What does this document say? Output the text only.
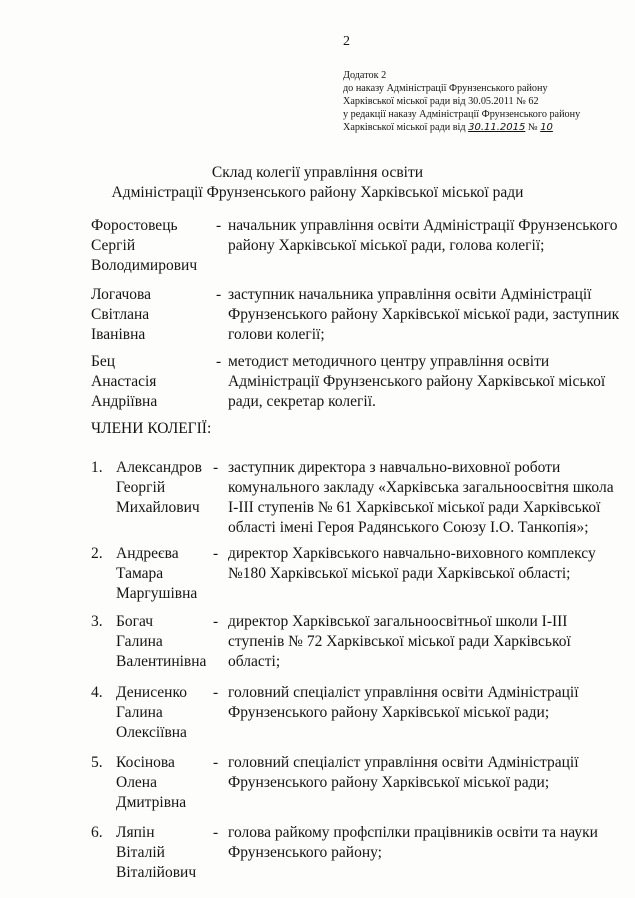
2
Додаток 2
до наказу Адміністрації Фрунзенського району
Харківської міської ради від 30.05.2011 № 62
у редакції наказу Адміністрації Фрунзенського району
Харківської міської ради від 30.11.2015 № 10
Склад колегії управління освіти
Адміністрації Фрунзенського району Харківської міської ради
Форостовець
Сергій
Володимирович
- начальник управління освіти Адміністрації Фрунзенського району Харківської міської ради, голова колегії;
Логачова
Світлана
Іванівна
- заступник начальника управління освіти Адміністрації Фрунзенського району Харківської міської ради, заступник голови колегії;
Бец
Анастасія
Андріївна
- методист методичного центру управління освіти Адміністрації Фрунзенського району Харківської міської ради, секретар колегії.
ЧЛЕНИ КОЛЕГІЇ:
1. Александров
Георгій
Михайлович
- заступник директора з навчально-виховної роботи комунального закладу «Харківська загальноосвітня школа І-ІІІ ступенів № 61 Харківської міської ради Харківської області імені Героя Радянського Союзу І.О. Танкопія»;
2. Андреєва
Тамара
Маргушівна
- директор Харківського навчально-виховного комплексу №180 Харківської міської ради Харківської області;
3. Богач
Галина
Валентинівна
- директор Харківської загальноосвітньої школи І-ІІІ ступенів № 72 Харківської міської ради Харківської області;
4. Денисенко
Галина
Олексіївна
- головний спеціаліст управління освіти Адміністрації Фрунзенського району Харківської міської ради;
5. Косінова
Олена
Дмитрівна
- головний спеціаліст управління освіти Адміністрації Фрунзенського району Харківської міської ради;
6. Ляпін
Віталій
Віталійович
- голова райкому профспілки працівників освіти та науки Фрунзенського району;
